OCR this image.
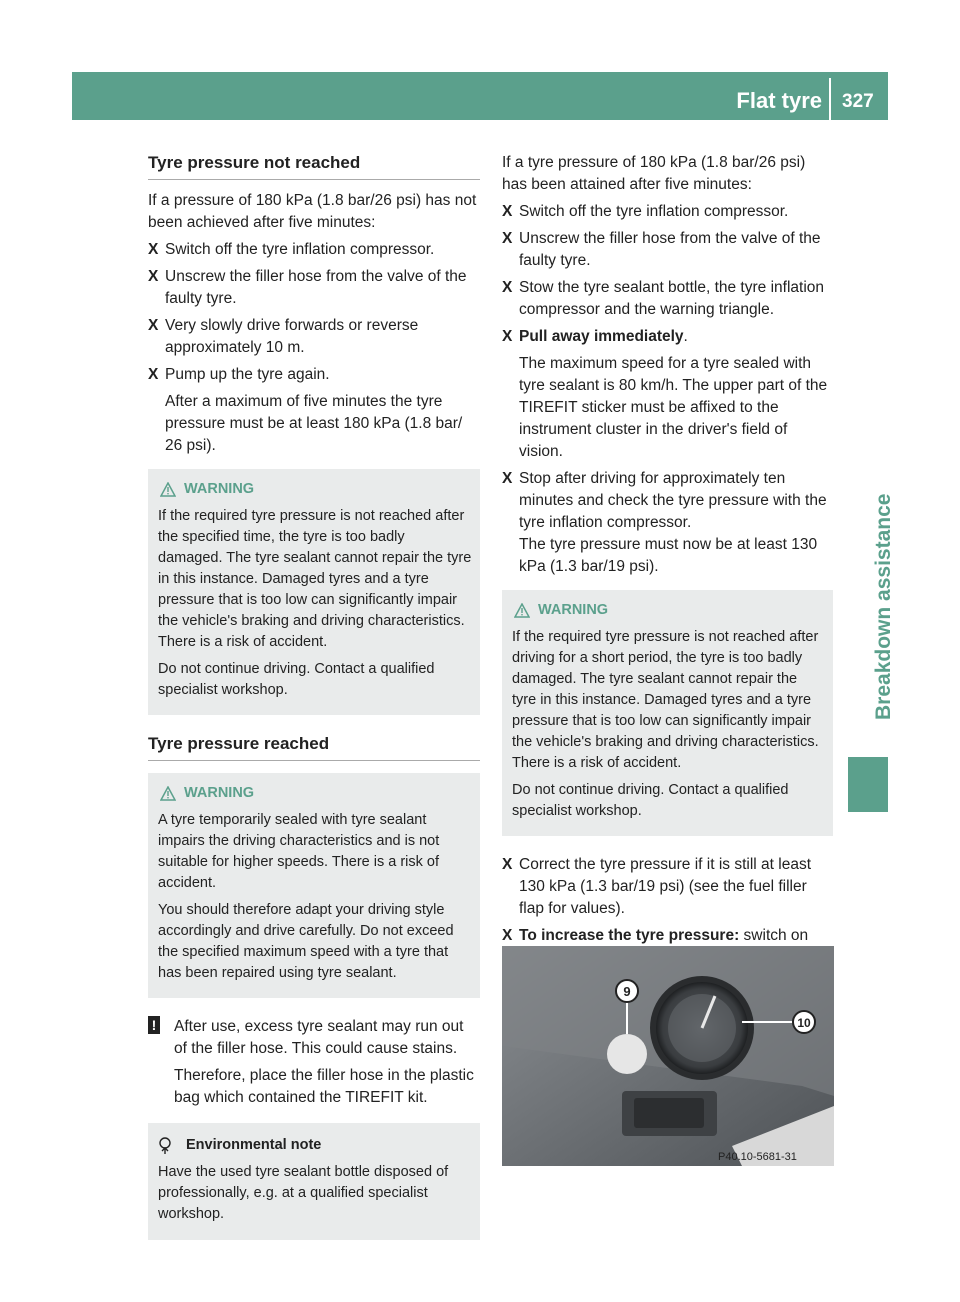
Flat tyre 327
Breakdown assistance
Tyre pressure not reached

If a pressure of 180 kPa (1.8 bar/26 psi) has not been achieved after five minutes:

X Switch off the tyre inflation compressor.
X Unscrew the filler hose from the valve of the faulty tyre.
X Very slowly drive forwards or reverse approximately 10 m.
X Pump up the tyre again.
After a maximum of five minutes the tyre pressure must be at least 180 kPa (1.8 bar/ 26 psi).
WARNING

If the required tyre pressure is not reached after the specified time, the tyre is too badly damaged. The tyre sealant cannot repair the tyre in this instance. Damaged tyres and a tyre pressure that is too low can significantly impair the vehicle's braking and driving characteristics. There is a risk of accident.

Do not continue driving. Contact a qualified specialist workshop.

Tyre pressure reached
WARNING

A tyre temporarily sealed with tyre sealant impairs the driving characteristics and is not suitable for higher speeds. There is a risk of accident.

You should therefore adapt your driving style accordingly and drive carefully. Do not exceed the specified maximum speed with a tyre that has been repaired using tyre sealant.

! After use, excess tyre sealant may run out of the filler hose. This could cause stains.

Therefore, place the filler hose in the plastic bag which contained the TIREFIT kit.

Environmental note

Have the used tyre sealant bottle disposed of professionally, e.g. at a qualified specialist workshop.

If a tyre pressure of 180 kPa (1.8 bar/26 psi) has been attained after five minutes:

X Switch off the tyre inflation compressor.
X Unscrew the filler hose from the valve of the faulty tyre.
X Stow the tyre sealant bottle, the tyre inflation compressor and the warning triangle.
X Pull away immediately.
The maximum speed for a tyre sealed with tyre sealant is 80 km/h. The upper part of the TIREFIT sticker must be affixed to the instrument cluster in the driver's field of vision.
X Stop after driving for approximately ten minutes and check the tyre pressure with the tyre inflation compressor.
The tyre pressure must now be at least 130 kPa (1.3 bar/19 psi).
WARNING

If the required tyre pressure is not reached after driving for a short period, the tyre is too badly damaged. The tyre sealant cannot repair the tyre in this instance. Damaged tyres and a tyre pressure that is too low can significantly impair the vehicle's braking and driving characteristics. There is a risk of accident.

Do not continue driving. Contact a qualified specialist workshop.

X Correct the tyre pressure if it is still at least 130 kPa (1.3 bar/19 psi) (see the fuel filler flap for values).
X To increase the tyre pressure: switch on
9
10
P40.10-5681-31
